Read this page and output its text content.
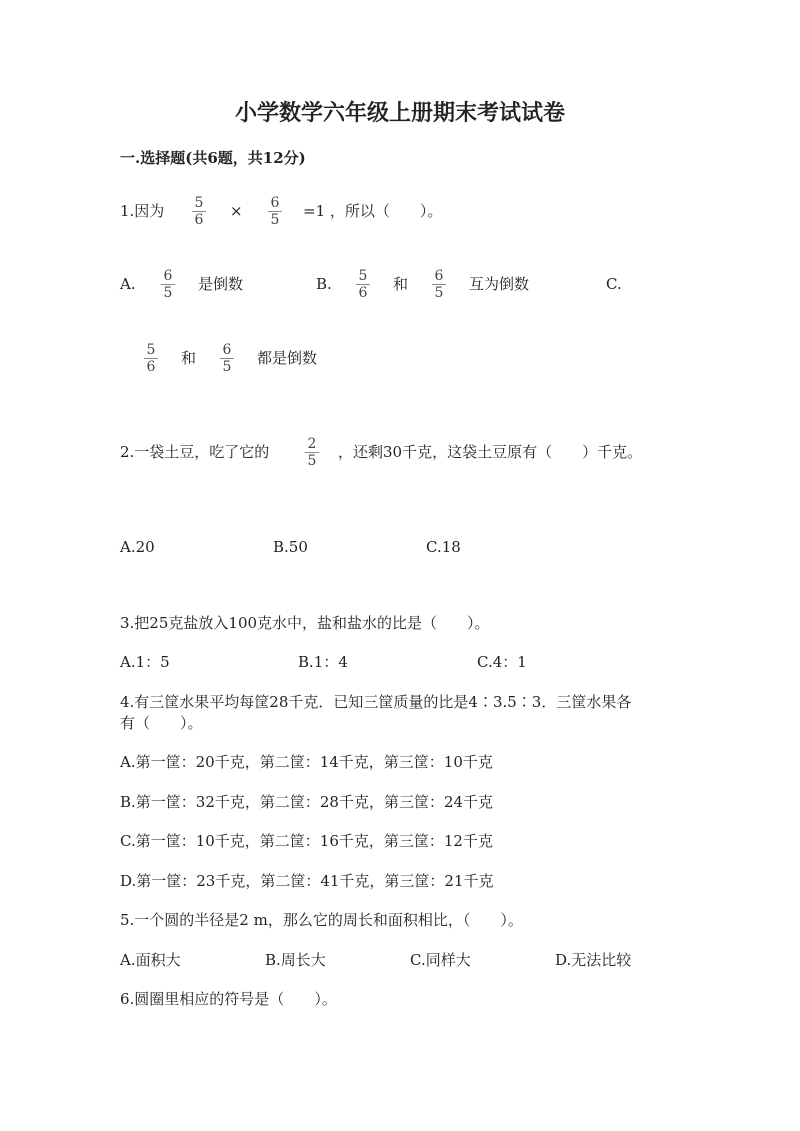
小学数学六年级上册期末考试试卷
一.选择题(共6题，共12分)
1.因为 $\frac{5}{6} \times \frac{6}{5} =1$ ，所以（　　）。
A. $\frac{6}{5}$ 是倒数	B. $\frac{5}{6}$ 和 $\frac{6}{5}$ 互为倒数	C.
$\frac{5}{6}$ 和 $\frac{6}{5}$ 都是倒数
2.一袋土豆，吃了它的 $\frac{2}{5}$ ，还剩30千克，这袋土豆原有（　　）千克。
A.20	B.50	C.18
3.把25克盐放入100克水中，盐和盐水的比是（　　）。
A.1：5	B.1：4	C.4：1
4.有三筐水果平均每筐28千克．已知三筐质量的比是4∶3.5∶3．三筐水果各
有（　　）。
A.第一筐：20千克，第二筐：14千克，第三筐：10千克
B.第一筐：32千克，第二筐：28千克，第三筐：24千克
C.第一筐：10千克，第二筐：16千克，第三筐：12千克
D.第一筐：23千克，第二筐：41千克，第三筐：21千克
5.一个圆的半径是2 m，那么它的周长和面积相比，（　　）。
A.面积大	B.周长大	C.同样大	D.无法比较
6.圆圈里相应的符号是（　　）。
